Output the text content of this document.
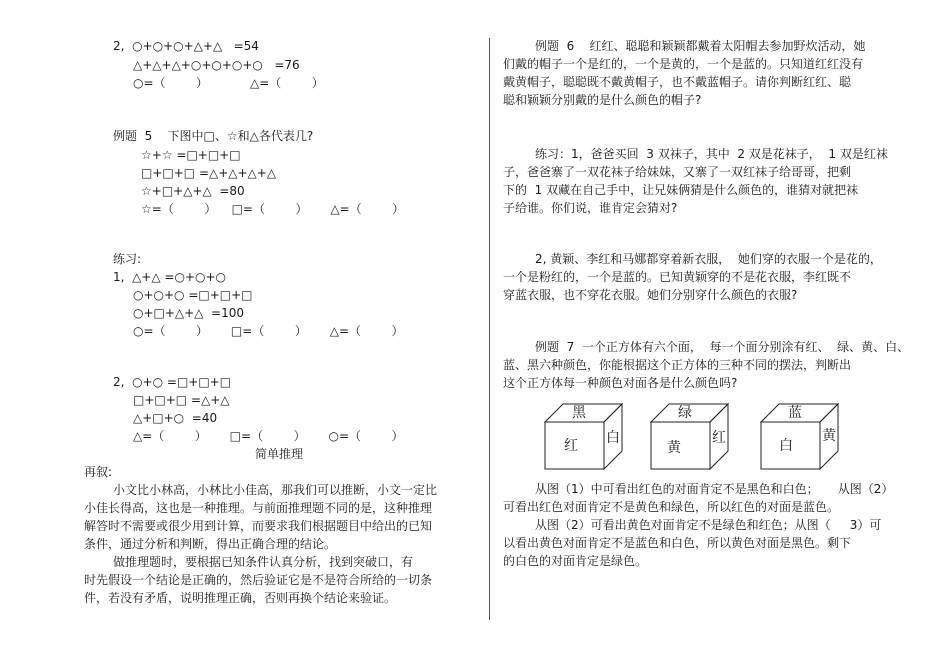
2,  ○+○+○+△+△   =54
△+△+△+○+○+○+○   =76
○=（        ）           △=（        ）
例题  5    下图中□、☆和△各代表几?
☆+☆ =□+□+□
□+□+□ =△+△+△+△
☆+□+△+△  =80
☆=（        ）    □=（        ）      △=（        ）
练习:
1,  △+△ =○+○+○
○+○+○ =□+□+□
○+□+△+△  =100
○=（        ）      □=（        ）      △=（        ）
2,  ○+○ =□+□+□
□+□+□ =△+△
△+□+○  =40
△=（        ）      □=（        ）      ○=（        ）
简单推理
再叙:
小文比小林高，小林比小佳高，那我们可以推断，小文一定比
小佳长得高，这也是一种推理。与前面推理题不同的是，这种推理
解答时不需要或很少用到计算，而要求我们根据题目中给出的已知
条件，通过分析和判断，得出正确合理的结论。
做推理题时，要根据已知条件认真分析，找到突破口，有
时先假设一个结论是正确的，然后验证它是不是符合所给的一切条
件，若没有矛盾，说明推理正确，否则再换个结论来验证。
例题  6    红红、聪聪和颖颖都戴着太阳帽去参加野炊活动，她
们戴的帽子一个是红的，一个是黄的，一个是蓝的。只知道红红没有
戴黄帽子，聪聪既不戴黄帽子，也不戴蓝帽子。请你判断红红、聪
聪和颖颖分别戴的是什么颜色的帽子?
练习：1，爸爸买回  3 双袜子，其中  2 双是花袜子，  1 双是红袜
子，爸爸寨了一双花袜子给妹妹，又寨了一双红袜子给哥哥，把剩
下的  1 双藏在自己手中，让兄妹俩猜是什么颜色的，谁猜对就把袜
子给谁。你们说，谁肯定会猜对?
2, 黄颖、李红和马娜都穿着新衣服，  她们穿的衣服一个是花的，
一个是粉红的，一个是蓝的。已知黄颖穿的不是花衣服，李红既不
穿蓝衣服，也不穿花衣服。她们分别穿什么颜色的衣服?
例题  7  一个正方体有六个面，  每一个面分别涂有红、  绿、黄、白、
蓝、黑六种颜色，你能根据这个正方体的三种不同的摆法，判断出
这个正方体每一种颜色对面各是什么颜色吗?
黑
红 白
绿
黄
红
蓝
白
黄
从图（1）中可看出红色的对面肯定不是黑色和白色；     从图（2）
可看出红色对面肯定不是黄色和绿色，所以红色的对面是蓝色。
从图（2）可看出黄色对面肯定不是绿色和红色；从图（     3）可
以看出黄色对面肯定不是蓝色和白色，所以黄色对面是黑色。剩下
的白色的对面肯定是绿色。
